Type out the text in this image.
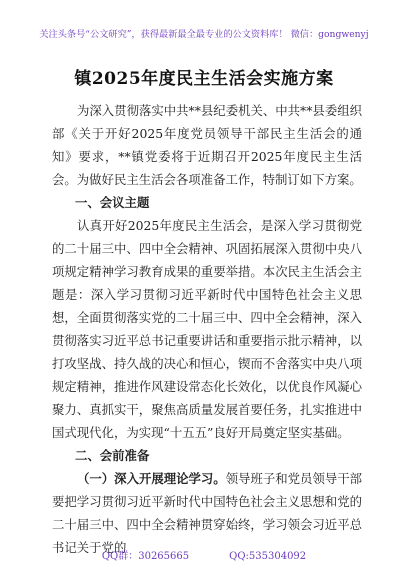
关注头条号“公文研究”，获得最新最全最专业的公文资料库！ 微信：gongwenyj
镇2025年度民主生活会实施方案

为深入贯彻落实中共**县纪委机关、中共**县委组织部《关于开好2025年度党员领导干部民主生活会的通知》要求，**镇党委将于近期召开2025年度民主生活会。为做好民主生活会各项准备工作，特制订如下方案。

一、会议主题

认真开好2025年度民主生活会，是深入学习贯彻党的二十届三中、四中全会精神、巩固拓展深入贯彻中央八项规定精神学习教育成果的重要举措。本次民主生活会主题是：深入学习贯彻习近平新时代中国特色社会主义思想，全面贯彻落实党的二十届三中、四中全会精神，深入贯彻落实习近平总书记重要讲话和重要指示批示精神，以打攻坚战、持久战的决心和恒心，锲而不舍落实中央八项规定精神，推进作风建设常态化长效化，以优良作风凝心聚力、真抓实干，聚焦高质量发展首要任务，扎实推进中国式现代化，为实现“十五五”良好开局奠定坚实基础。

二、会前准备

（一）深入开展理论学习。领导班子和党员领导干部要把学习贯彻习近平新时代中国特色社会主义思想和党的二十届三中、四中全会精神贯穿始终，学习领会习近平总书记关于党的

QQ群：30265665	QQ:535304092
